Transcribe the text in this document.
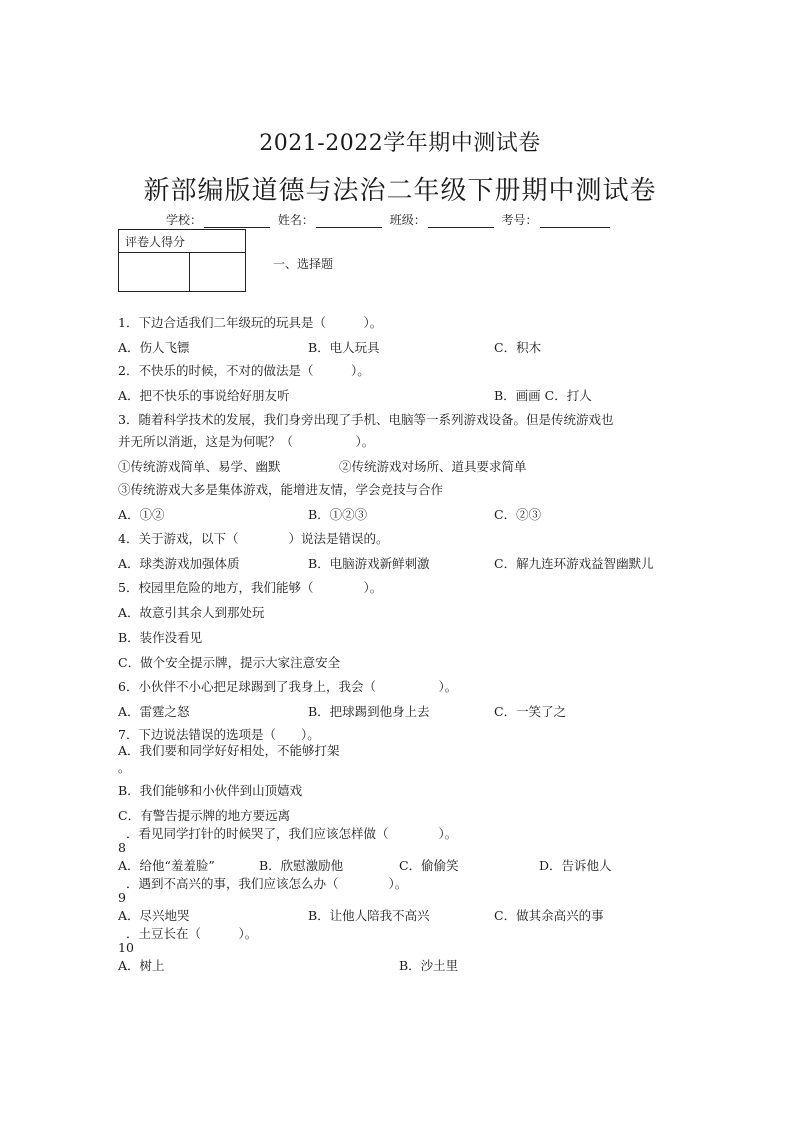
2021-2022学年期中测试卷
新部编版道德与法治二年级下册期中测试卷
学校：	姓名：	班级：	考号：
评卷人得分

一、选择题
1．下边合适我们二年级玩的玩具是（　　　）。
A．伤人飞镖	B．电人玩具	C．积木
2．不快乐的时候，不对的做法是（　　　）。
A．把不快乐的事说给好朋友听	B．画画 C．打人
3．随着科学技术的发展，我们身旁出现了手机、电脑等一系列游戏设备。但是传统游戏也
并无所以消逝，这是为何呢？（　　　　　）。
①传统游戏简单、易学、幽默	②传统游戏对场所、道具要求简单
③传统游戏大多是集体游戏，能增进友情，学会竞技与合作
A．①②	B．①②③	C．②③
4．关于游戏，以下（　　　　）说法是错误的。
A．球类游戏加强体质	B．电脑游戏新鲜刺激	C．解九连环游戏益智幽默儿
5．校园里危险的地方，我们能够（　　　　）。
A．故意引其余人到那处玩
B．装作没看见
C．做个安全提示牌，提示大家注意安全
6．小伙伴不小心把足球踢到了我身上，我会（　　　　　）。
A．雷霆之怒	B．把球踢到他身上去	C．一笑了之
7．下边说法错误的选项是（　　）。
A．我们要和同学好好相处，不能够打架
。
B．我们能够和小伙伴到山顶嬉戏
C．有警告提示牌的地方要远离
．看见同学打针的时候哭了，我们应该怎样做（　　　　）。
8
A．给他“羞羞脸”	B．欣慰激励他	C．偷偷笑	D．告诉他人
．遇到不高兴的事，我们应该怎么办（　　　　）。
9
A．尽兴地哭	B．让他人陪我不高兴	C．做其余高兴的事
．土豆长在（　　　）。
10
A．树上	B．沙土里
